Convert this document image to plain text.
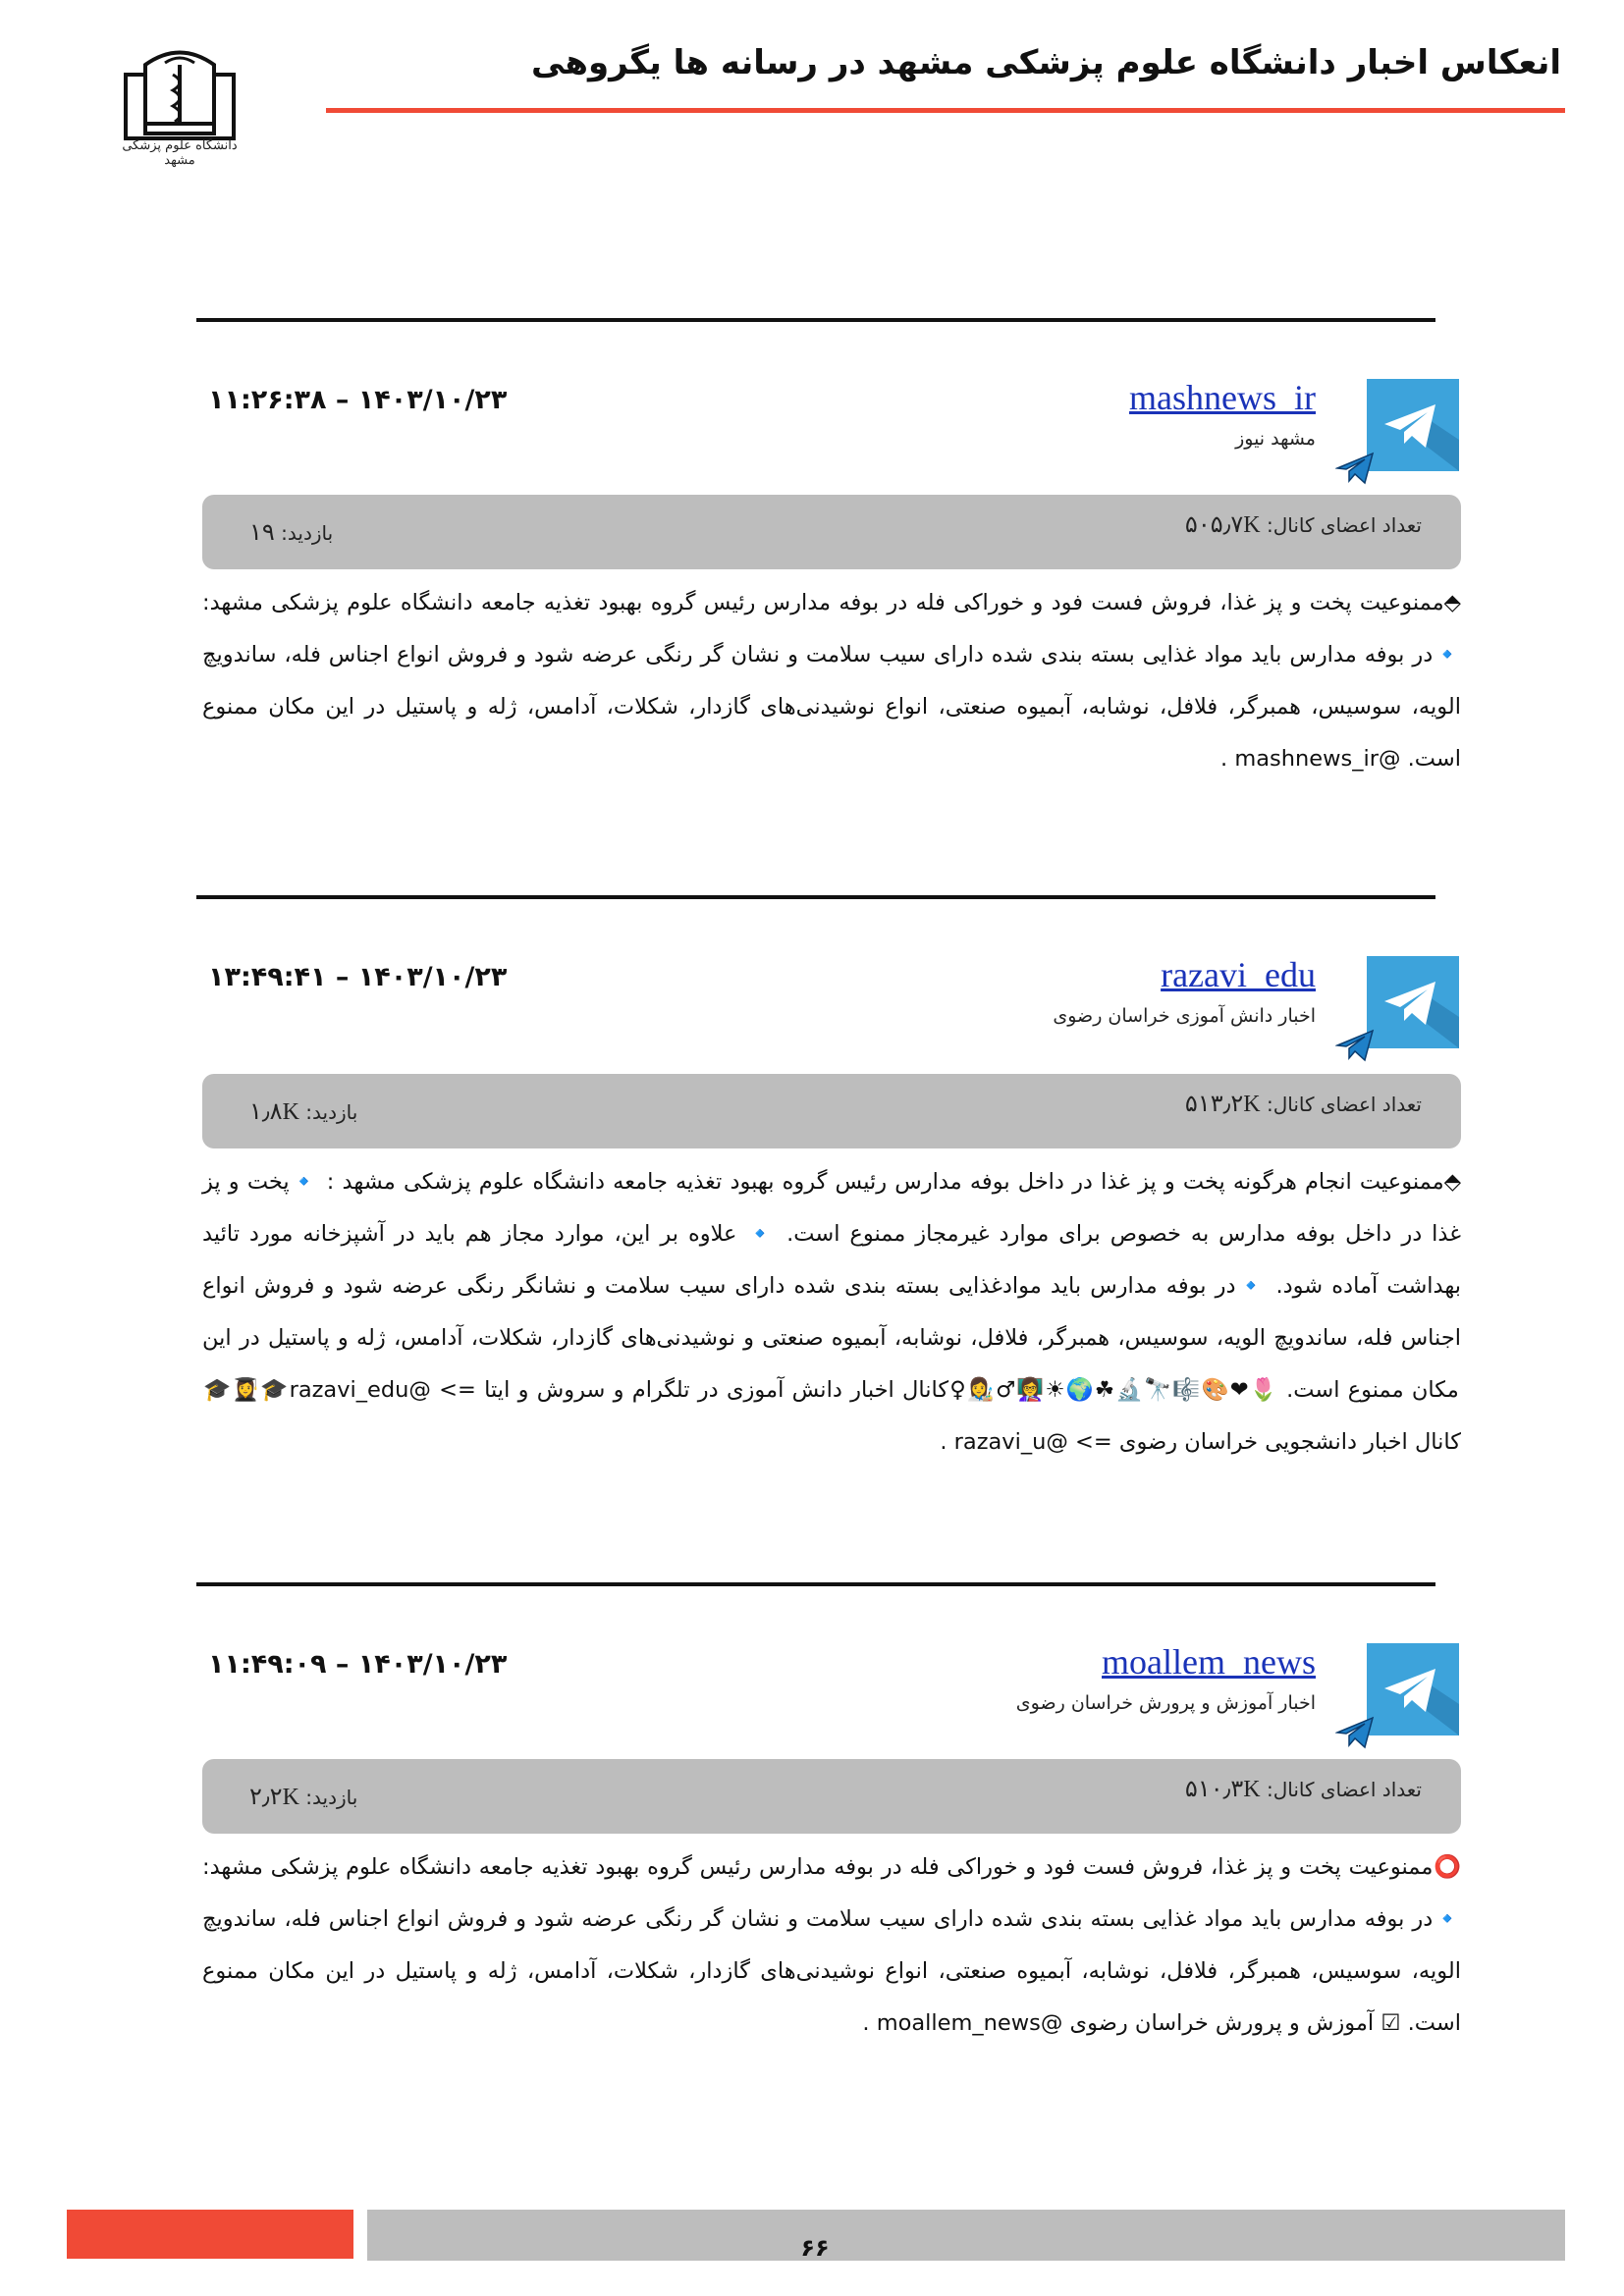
دانشگاه علوم پزشکی مشهد
انعکاس اخبار دانشگاه علوم پزشکی مشهد در رسانه ها یگروهی
mashnews_ir
مشهد نیوز
۱۱:۲۶:۳۸ – ۱۴۰۳/۱۰/۲۳
تعداد اعضای کانال: ۵۰۵٫۷K
بازدید: ۱۹
⬘ممنوعیت پخت و پز غذا، فروش فست فود و خوراکی فله در بوفه مدارس رئیس گروه بهبود تغذیه جامعه دانشگاه علوم پزشکی مشهد: 🔹در بوفه مدارس باید مواد غذایی بسته بندی شده دارای سیب سلامت و نشان گر رنگی عرضه شود و فروش انواع اجناس فله، ساندویچ الویه، سوسیس، همبرگر، فلافل، نوشابه، آبمیوه صنعتی، انواع نوشیدنی‌های گازدار، شکلات، آدامس، ژله و پاستیل در این مکان ممنوع است. @mashnews_ir .
razavi_edu
اخبار دانش آموزی خراسان رضوی
۱۳:۴۹:۴۱ – ۱۴۰۳/۱۰/۲۳
تعداد اعضای کانال: ۵۱۳٫۲K
بازدید: ۱٫۸K
⬘ممنوعیت انجام هرگونه پخت و پز غذا در داخل بوفه مدارس رئیس گروه بهبود تغذیه جامعه دانشگاه علوم پزشکی مشهد : 🔹پخت و پز غذا در داخل بوفه مدارس به خصوص برای موارد غیرمجاز ممنوع است. 🔹 علاوه بر این، موارد مجاز هم باید در آشپزخانه مورد تائید بهداشت آماده شود. 🔹در بوفه مدارس باید موادغذایی بسته بندی شده دارای سیب سلامت و نشانگر رنگی عرضه شود و فروش انواع اجناس فله، ساندویچ الویه، سوسیس، همبرگر، فلافل، نوشابه، آبمیوه صنعتی و نوشیدنی‌های گازدار، شکلات، آدامس، ژله و پاستیل در این مکان ممنوع است. 🌷❤🎨🎼🔭🔬☘🌍☀👩‍🏫♂👩‍🎨♀کانال اخبار دانش آموزی در تلگرام و سروش و ایتا => @razavi_edu🎓👩‍🎓🎓 کانال اخبار دانشجویی خراسان رضوی => @razavi_u .
moallem_news
اخبار آموزش و پرورش خراسان رضوی
۱۱:۴۹:۰۹ – ۱۴۰۳/۱۰/۲۳
تعداد اعضای کانال: ۵۱۰٫۳K
بازدید: ۲٫۲K
⭕ممنوعیت پخت و پز غذا، فروش فست فود و خوراکی فله در بوفه مدارس رئیس گروه بهبود تغذیه جامعه دانشگاه علوم پزشکی مشهد: 🔹در بوفه مدارس باید مواد غذایی بسته بندی شده دارای سیب سلامت و نشان گر رنگی عرضه شود و فروش انواع اجناس فله، ساندویچ الویه، سوسیس، همبرگر، فلافل، نوشابه، آبمیوه صنعتی، انواع نوشیدنی‌های گازدار، شکلات، آدامس، ژله و پاستیل در این مکان ممنوع است. ☑ آموزش و پرورش خراسان رضوی @moallem_news .
۶۶
